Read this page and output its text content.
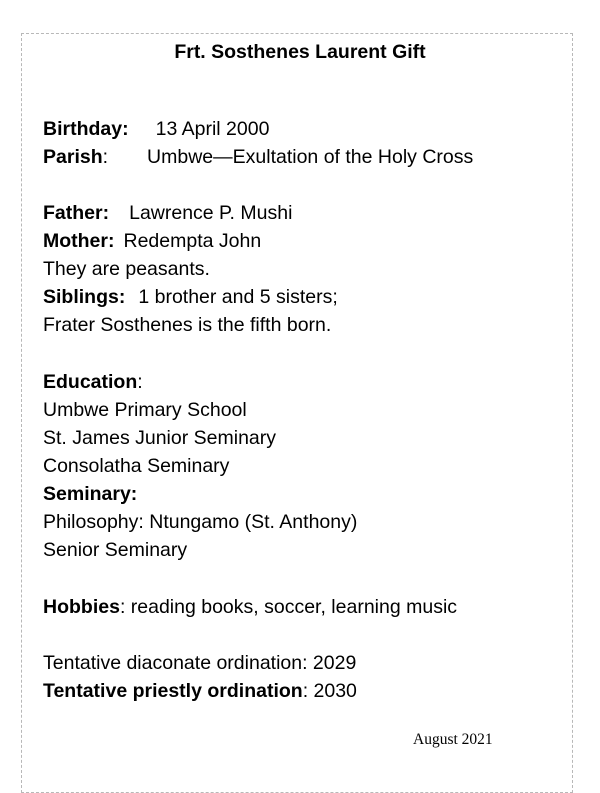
Frt. Sosthenes Laurent Gift
Birthday: 13 April 2000
Parish: Umbwe—Exultation of the Holy Cross
Father: Lawrence P. Mushi
Mother: Redempta John
They are peasants.
Siblings: 1 brother and 5 sisters;
Frater Sosthenes is the fifth born.
Education:
Umbwe Primary School
St. James Junior Seminary
Consolatha Seminary
Seminary:
Philosophy: Ntungamo (St. Anthony)
Senior Seminary
Hobbies: reading books, soccer, learning music
Tentative diaconate ordination: 2029
Tentative priestly ordination: 2030
August 2021
